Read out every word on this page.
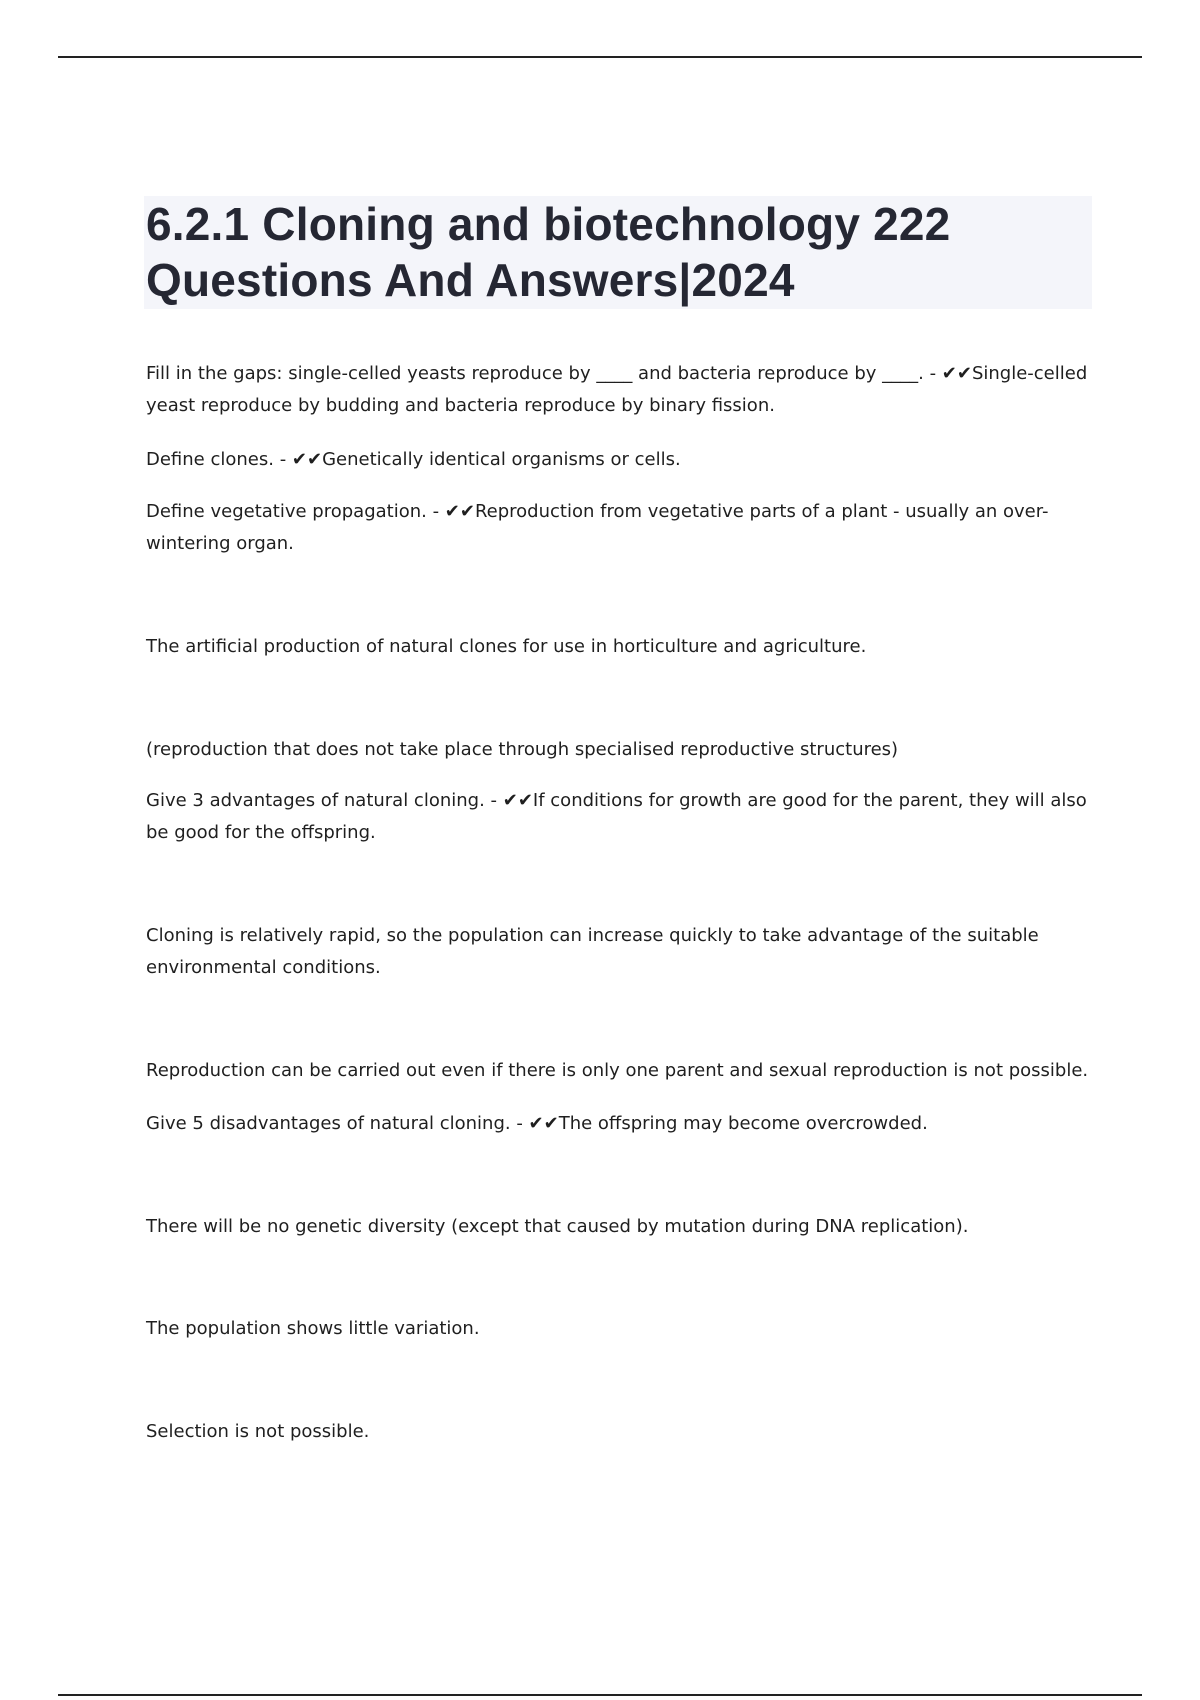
6.2.1 Cloning and biotechnology 222
Questions And Answers|2024

Fill in the gaps: single-celled yeasts reproduce by ____ and bacteria reproduce by ____. - ✔✔Single-celled yeast reproduce by budding and bacteria reproduce by binary fission.

Define clones. - ✔✔Genetically identical organisms or cells.

Define vegetative propagation. - ✔✔Reproduction from vegetative parts of a plant - usually an over-wintering organ.

The artificial production of natural clones for use in horticulture and agriculture.

(reproduction that does not take place through specialised reproductive structures)

Give 3 advantages of natural cloning. - ✔✔If conditions for growth are good for the parent, they will also be good for the offspring.

Cloning is relatively rapid, so the population can increase quickly to take advantage of the suitable environmental conditions.

Reproduction can be carried out even if there is only one parent and sexual reproduction is not possible.

Give 5 disadvantages of natural cloning. - ✔✔The offspring may become overcrowded.

There will be no genetic diversity (except that caused by mutation during DNA replication).

The population shows little variation.

Selection is not possible.
